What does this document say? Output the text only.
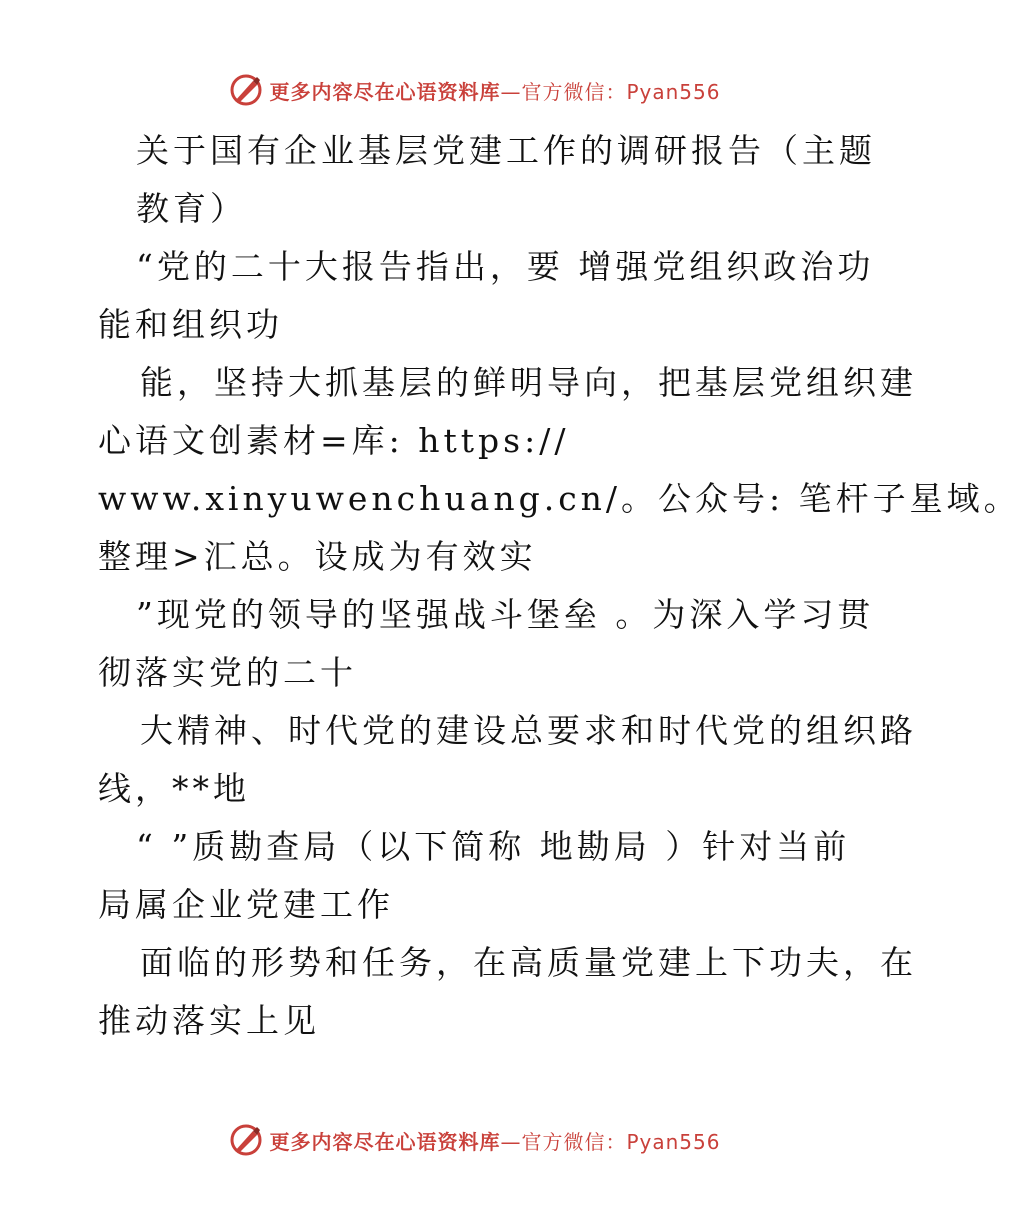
更多内容尽在心语资料库 —官方微信：Pyan556
关于国有企业基层党建工作的调研报告（主题
教育）
“党的二十大报告指出，要 增强党组织政治功
能和组织功
能，坚持大抓基层的鲜明导向，把基层党组织建
心语文创素材=库: https://
www.xinyuwenchuang.cn/。公众号: 笔杆子星域。
整理>汇总。设成为有效实
”现党的领导的坚强战斗堡垒 。为深入学习贯
彻落实党的二十
大精神、时代党的建设总要求和时代党的组织路
线，**地
“ ”质勘查局（以下简称 地勘局 ）针对当前
局属企业党建工作
面临的形势和任务，在高质量党建上下功夫，在
推动落实上见
更多内容尽在心语资料库 —官方微信：Pyan556
